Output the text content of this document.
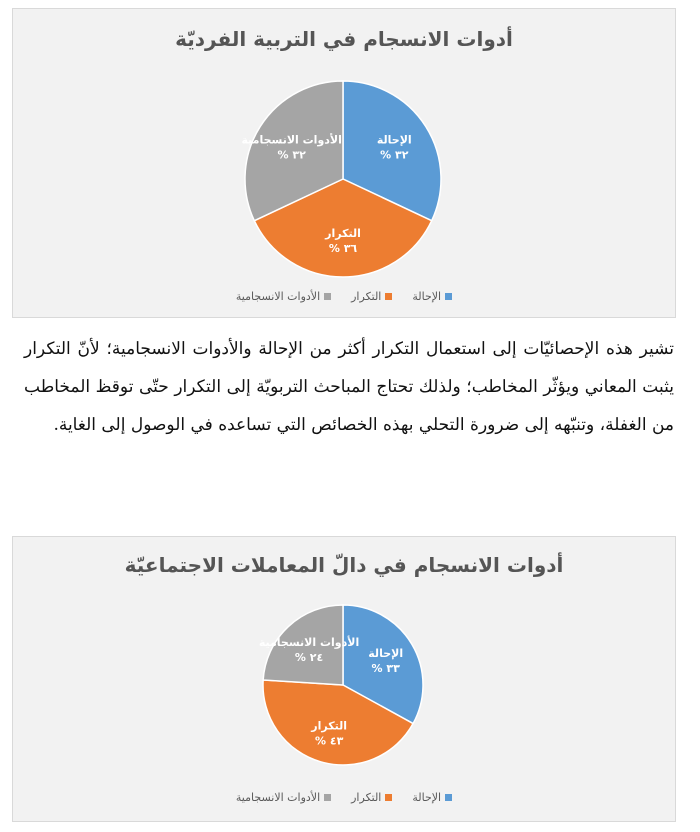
أدوات الانسجام في التربية الفرديّة
الإحالة
٣٢ %
التكرار
٣٦ %
الأدوات الانسجامية
٣٢ %
الإحالة
التكرار
الأدوات الانسجامية
تشير هذه الإحصائيّات إلى استعمال التكرار أكثر من الإحالة والأدوات الانسجامية؛ لأنّ التكرار يثبت المعاني ويؤثّر المخاطب؛ ولذلك تحتاج المباحث التربويّة إلى التكرار حتّى توقظ المخاطب من الغفلة، وتنبّهه إلى ضرورة التحلي بهذه الخصائص التي تساعده في الوصول إلى الغاية.
أدوات الانسجام في دالّ المعاملات الاجتماعيّة
الإحالة
٣٣ %
التكرار
٤٣ %
الأدوات الانسجامية
٢٤ %
الإحالة
التكرار
الأدوات الانسجامية
